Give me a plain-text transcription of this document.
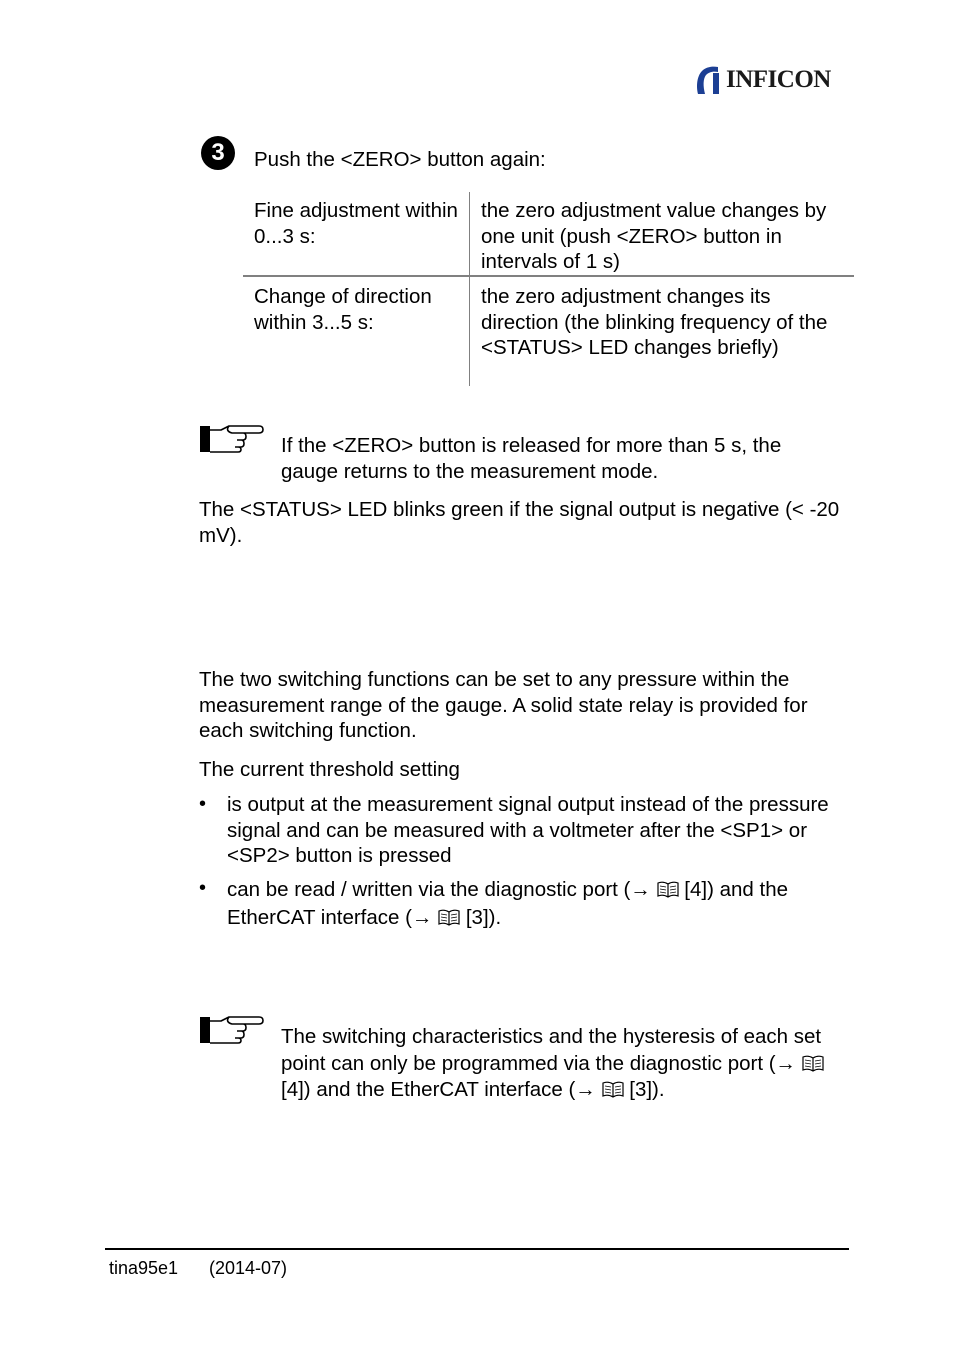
INFICON
3	Push the <ZERO> button again:
Fine adjustment within 0...3 s:
the zero adjustment value changes by one unit (push <ZERO> button in intervals of 1 s)
Change of direction within 3...5 s:
the zero adjustment changes its direction (the blinking frequency of the <STATUS> LED changes briefly)
If the <ZERO> button is released for more than 5 s, the gauge returns to the measurement mode.
The <STATUS> LED blinks green if the signal output is negative (< -20 mV).
The two switching functions can be set to any pressure within the measurement range of the gauge. A solid state relay is provided for each switching function.
The current threshold setting
• is output at the measurement signal output instead of the pressure signal and can be measured with a voltmeter after the <SP1> or <SP2> button is pressed
• can be read / written via the diagnostic port (→ [4]) and the EtherCAT interface (→ [3]).
The switching characteristics and the hysteresis of each set point can only be programmed via the diagnostic port (→  [4]) and the EtherCAT interface (→ [3]).
tina95e1 (2014-07)
